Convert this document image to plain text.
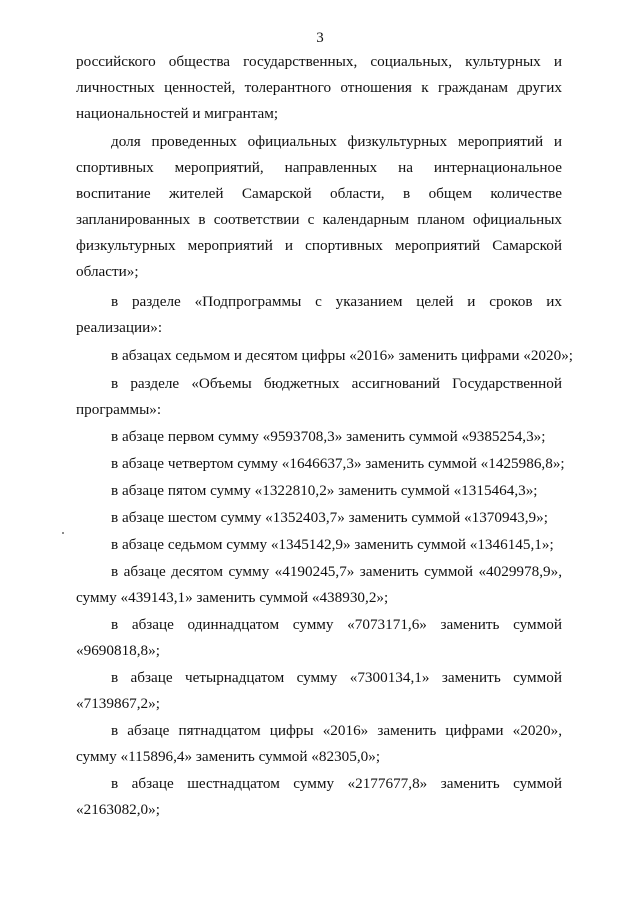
3
российского общества государственных, социальных, культурных и
личностных ценностей, толерантного отношения к гражданам других
национальностей и мигрантам;
доля проведенных официальных физкультурных мероприятий и
спортивных мероприятий, направленных на интернациональное
воспитание жителей Самарской области, в общем количестве
запланированных в соответствии с календарным планом официальных
физкультурных мероприятий и спортивных мероприятий Самарской
области»;
в разделе «Подпрограммы с указанием целей и сроков их
реализации»:
в абзацах седьмом и десятом цифры «2016» заменить цифрами «2020»;
в разделе «Объемы бюджетных ассигнований Государственной
программы»:
в абзаце первом сумму «9593708,3» заменить суммой «9385254,3»;
в абзаце четвертом сумму «1646637,3» заменить суммой «1425986,8»;
в абзаце пятом сумму «1322810,2» заменить суммой «1315464,3»;
в абзаце шестом сумму «1352403,7» заменить суммой «1370943,9»;
в абзаце седьмом сумму «1345142,9» заменить суммой «1346145,1»;
в абзаце десятом сумму «4190245,7» заменить суммой «4029978,9»,
сумму «439143,1» заменить суммой «438930,2»;
в абзаце одиннадцатом сумму «7073171,6» заменить суммой
«9690818,8»;
в абзаце четырнадцатом сумму «7300134,1» заменить суммой
«7139867,2»;
в абзаце пятнадцатом цифры «2016» заменить цифрами «2020»,
сумму «115896,4» заменить суммой «82305,0»;
в абзаце шестнадцатом сумму «2177677,8» заменить суммой
«2163082,0»;
